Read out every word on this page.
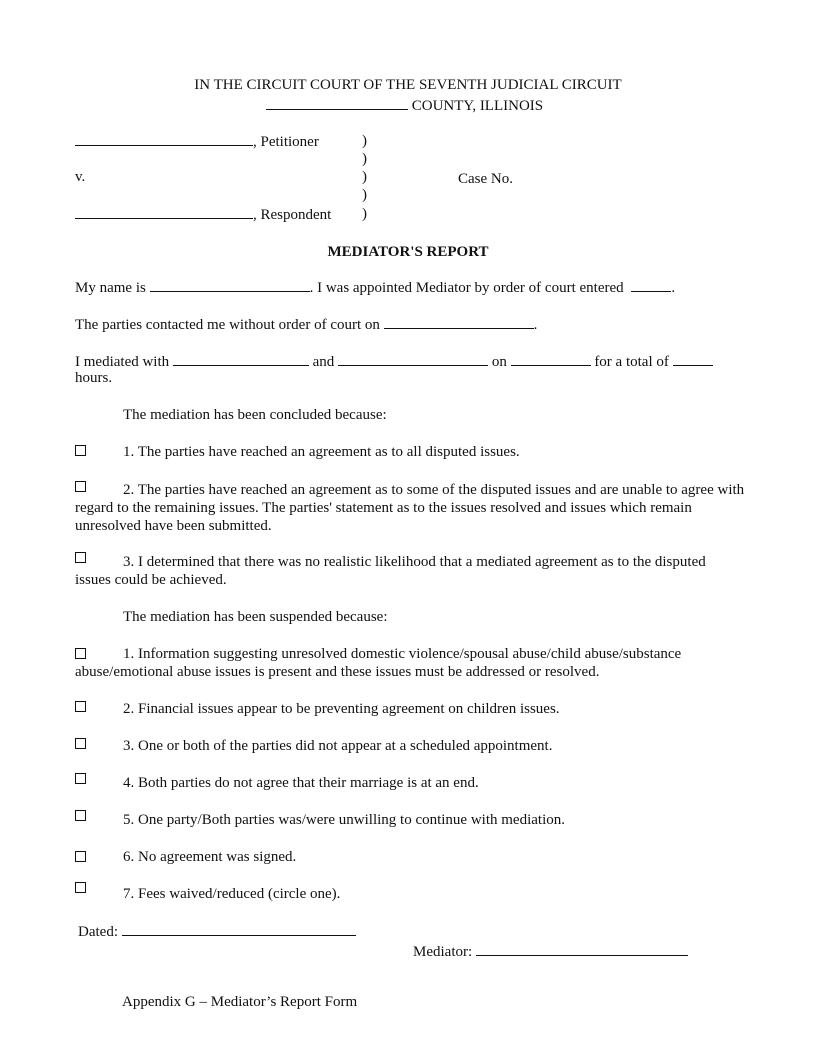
IN THE CIRCUIT COURT OF THE SEVENTH JUDICIAL CIRCUIT
COUNTY, ILLINOIS
, Petitioner
v.
, Respondent
)
)
)
)
)
Case No.
MEDIATOR'S REPORT
My name is	. I was appointed Mediator by order of court entered	.
The parties contacted me without order of court on	.
I mediated with	and	on	for a total of
hours.
The mediation has been concluded because:
1. The parties have reached an agreement as to all disputed issues.
2. The parties have reached an agreement as to some of the disputed issues and are unable to agree with regard to the remaining issues. The parties' statement as to the issues resolved and issues which remain unresolved have been submitted.
3. I determined that there was no realistic likelihood that a mediated agreement as to the disputed issues could be achieved.
The mediation has been suspended because:
1. Information suggesting unresolved domestic violence/spousal abuse/child abuse/substance abuse/emotional abuse issues is present and these issues must be addressed or resolved.
2. Financial issues appear to be preventing agreement on children issues.
3. One or both of the parties did not appear at a scheduled appointment.
4. Both parties do not agree that their marriage is at an end.
5. One party/Both parties was/were unwilling to continue with mediation.
6. No agreement was signed.
7. Fees waived/reduced (circle one).
Dated:
Mediator:
Appendix G – Mediator’s Report Form
